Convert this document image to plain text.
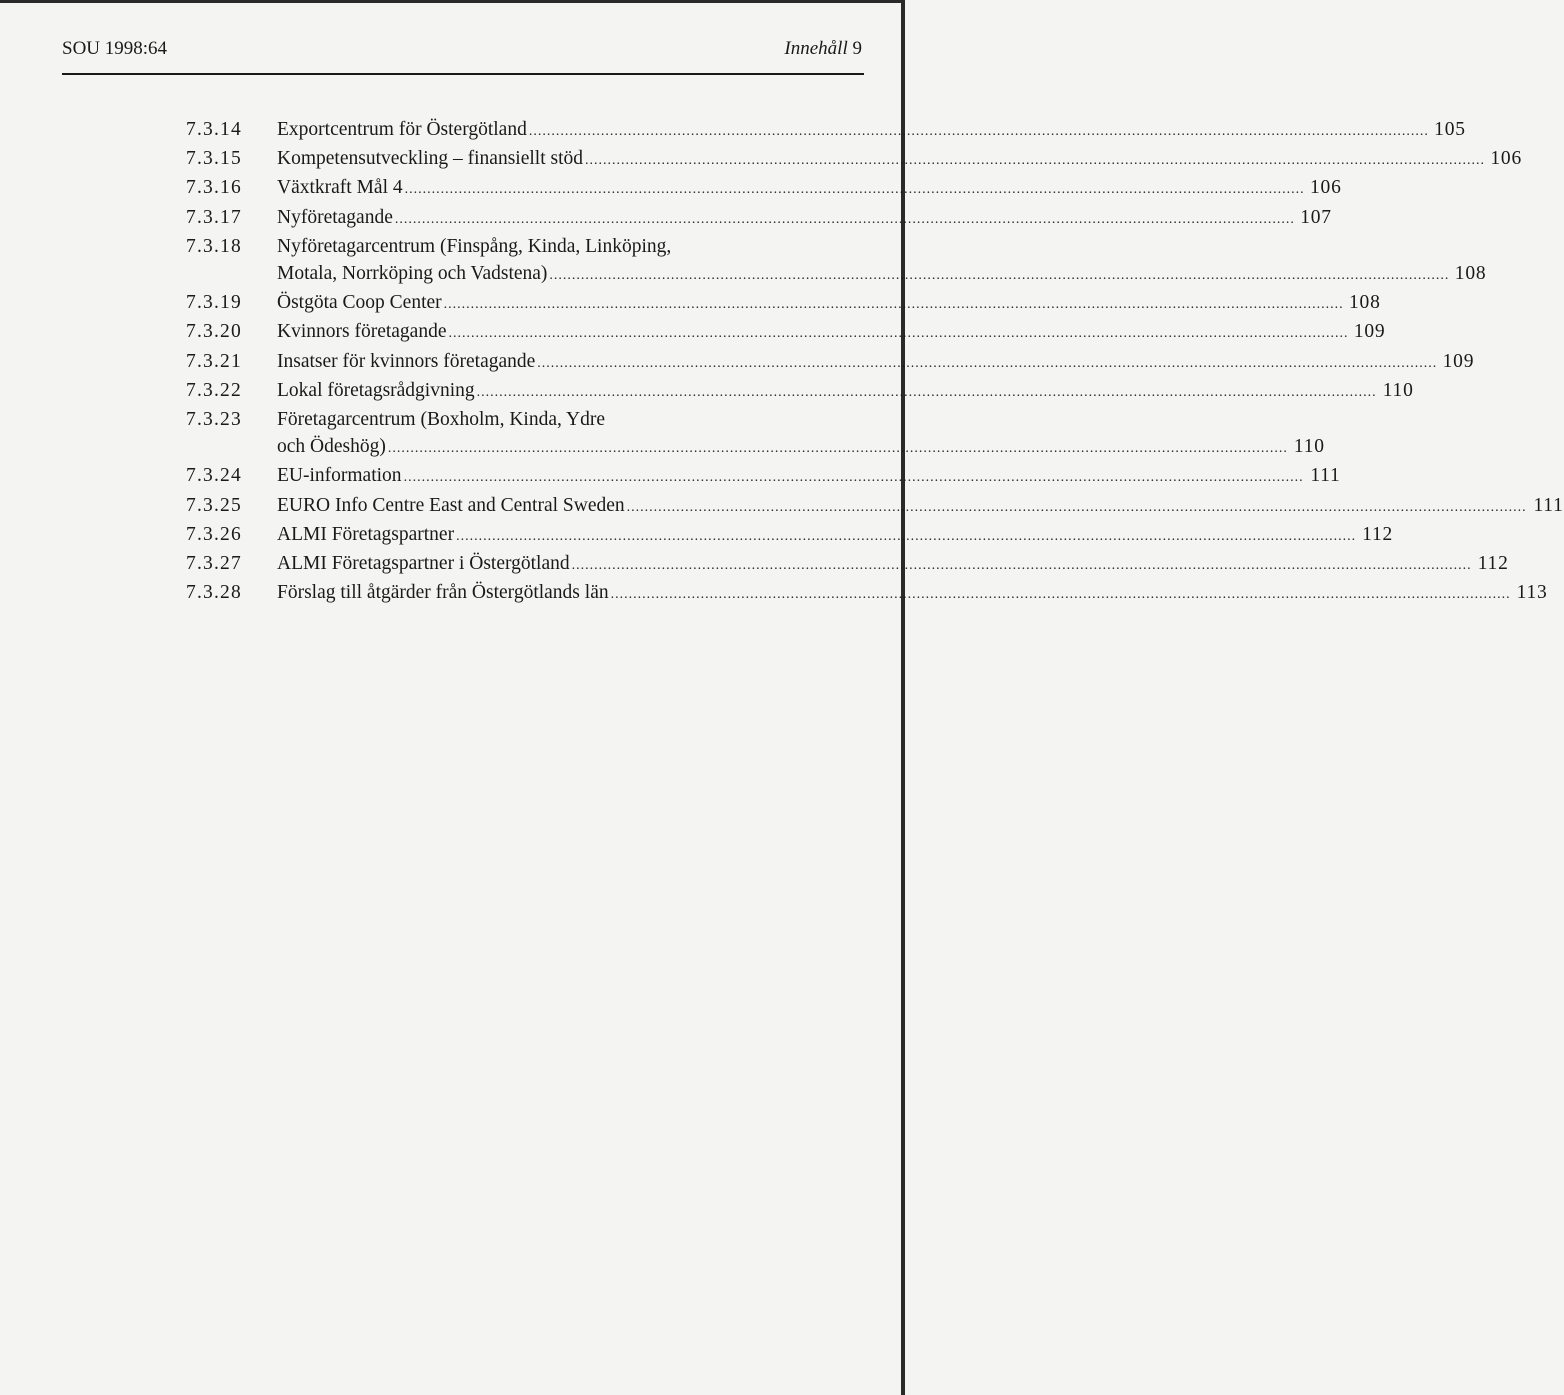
SOU 1998:64	Innehåll 9
7.3.14	Exportcentrum för Östergötland ........................................................................................................................................................................................................ 105
7.3.15	Kompetensutveckling – finansiellt stöd ........................................................................................................................................................................................................ 106
7.3.16	Växtkraft Mål 4 ........................................................................................................................................................................................................ 106
7.3.17	Nyföretagande ........................................................................................................................................................................................................ 107
7.3.18	Nyföretagarcentrum (Finspång, Kinda, Linköping,
Motala, Norrköping och Vadstena) ........................................................................................................................................................................................................ 108
7.3.19	Östgöta Coop Center ........................................................................................................................................................................................................ 108
7.3.20	Kvinnors företagande ........................................................................................................................................................................................................ 109
7.3.21	Insatser för kvinnors företagande ........................................................................................................................................................................................................ 109
7.3.22	Lokal företagsrådgivning ........................................................................................................................................................................................................ 110
7.3.23	Företagarcentrum (Boxholm, Kinda, Ydre
och Ödeshög) ........................................................................................................................................................................................................ 110
7.3.24	EU-information ........................................................................................................................................................................................................ 111
7.3.25	EURO Info Centre East and Central Sweden ........................................................................................................................................................................................................ 111
7.3.26	ALMI Företagspartner ........................................................................................................................................................................................................ 112
7.3.27	ALMI Företagspartner i Östergötland ........................................................................................................................................................................................................ 112
7.3.28	Förslag till åtgärder från Östergötlands län ........................................................................................................................................................................................................ 113
